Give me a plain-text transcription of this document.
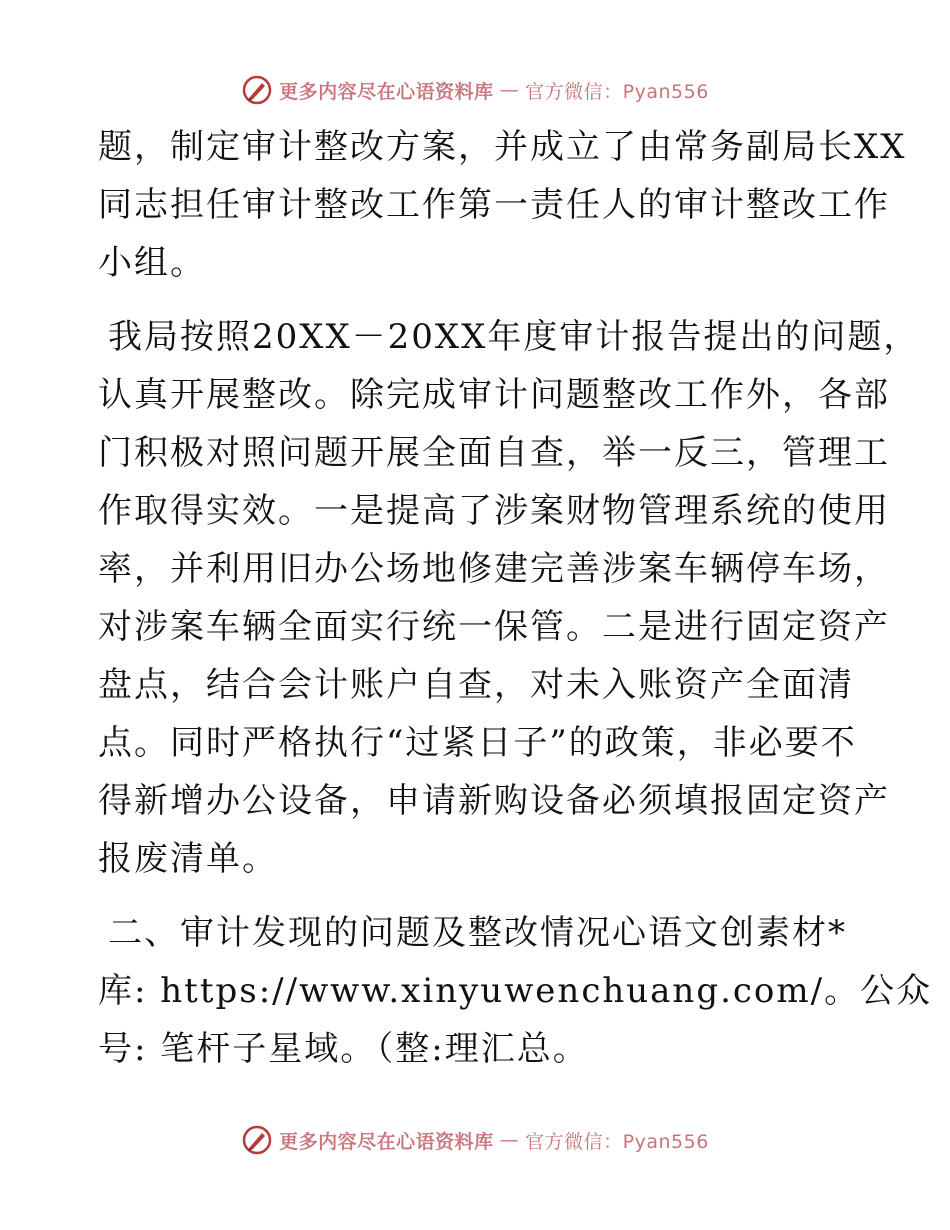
更多内容尽在心语资料库 — 官方微信：Pyan556
题，制定审计整改方案，并成立了由常务副局长XX
同志担任审计整改工作第一责任人的审计整改工作
小组。
我局按照20XX－20XX年度审计报告提出的问题，
认真开展整改。除完成审计问题整改工作外，各部
门积极对照问题开展全面自查，举一反三，管理工
作取得实效。一是提高了涉案财物管理系统的使用
率，并利用旧办公场地修建完善涉案车辆停车场，
对涉案车辆全面实行统一保管。二是进行固定资产
盘点，结合会计账户自查，对未入账资产全面清
点。同时严格执行“过紧日子”的政策，非必要不
得新增办公设备，申请新购设备必须填报固定资产
报废清单。
二、审计发现的问题及整改情况心语文创素材*
库: https://www.xinyuwenchuang.com/。公众
号: 笔杆子星域。（整:理汇总。
更多内容尽在心语资料库 — 官方微信：Pyan556
